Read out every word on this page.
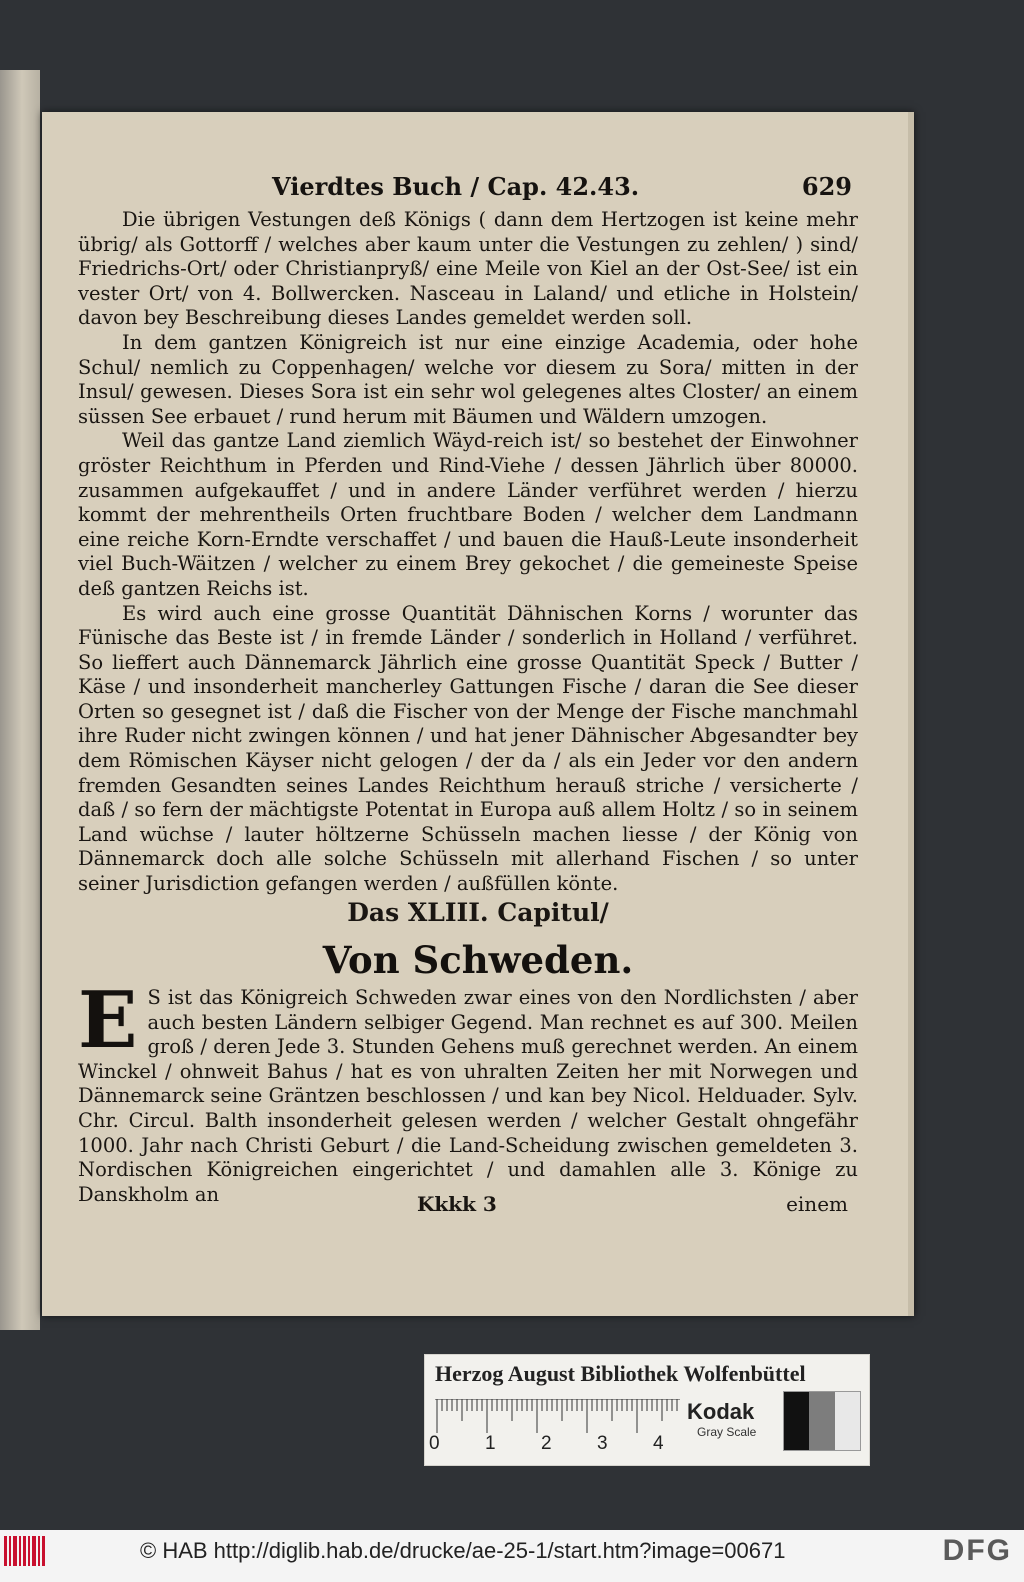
Vierdtes Buch / Cap. 42.43.	629

Die übrigen Vestungen deß Königs ( dann dem Hertzogen ist keine mehr übrig/ als Gottorff / welches aber kaum unter die Vestungen zu zehlen/ ) sind/ Friedrichs-Ort/ oder Christianpryß/ eine Meile von Kiel an der Ost-See/ ist ein vester Ort/ von 4. Bollwercken. Nasceau in Laland/ und etliche in Holstein/ davon bey Beschreibung dieses Landes gemeldet werden soll.

In dem gantzen Königreich ist nur eine einzige Academia, oder hohe Schul/ nemlich zu Coppenhagen/ welche vor diesem zu Sora/ mitten in der Insul/ gewesen. Dieses Sora ist ein sehr wol gelegenes altes Closter/ an einem süssen See erbauet / rund herum mit Bäumen und Wäldern umzogen.

Weil das gantze Land ziemlich Wäyd-reich ist/ so bestehet der Einwohner gröster Reichthum in Pferden und Rind-Viehe / dessen Jährlich über 80000. zusammen aufgekauffet / und in andere Länder verführet werden / hierzu kommt der mehrentheils Orten fruchtbare Boden / welcher dem Landmann eine reiche Korn-Erndte verschaffet / und bauen die Hauß-Leute insonderheit viel Buch-Wäitzen / welcher zu einem Brey gekochet / die gemeineste Speise deß gantzen Reichs ist.

Es wird auch eine grosse Quantität Dähnischen Korns / worunter das Fünische das Beste ist / in fremde Länder / sonderlich in Holland / verführet. So lieffert auch Dännemarck Jährlich eine grosse Quantität Speck / Butter / Käse / und insonderheit mancherley Gattungen Fische / daran die See dieser Orten so gesegnet ist / daß die Fischer von der Menge der Fische manchmahl ihre Ruder nicht zwingen können / und hat jener Dähnischer Abgesandter bey dem Römischen Käyser nicht gelogen / der da / als ein Jeder vor den andern fremden Gesandten seines Landes Reichthum herauß striche / versicherte / daß / so fern der mächtigste Potentat in Europa auß allem Holtz / so in seinem Land wüchse / lauter höltzerne Schüsseln machen liesse / der König von Dännemarck doch alle solche Schüsseln mit allerhand Fischen / so unter seiner Jurisdiction gefangen werden / außfüllen könte.

Das XLIII. Capitul/
Von Schweden.
E S ist das Königreich Schweden zwar eines von den Nordlichsten / aber auch besten Ländern selbiger Gegend. Man rechnet es auf 300. Meilen groß / deren Jede 3. Stunden Gehens muß gerechnet werden. An einem Winckel / ohnweit Bahus / hat es von uhralten Zeiten her mit Norwegen und Dännemarck seine Gräntzen beschlossen / und kan bey Nicol. Helduader. Sylv. Chr. Circul. Balth insonderheit gelesen werden / welcher Gestalt ohngefähr 1000. Jahr nach Christi Geburt / die Land-Scheidung zwischen gemeldeten 3. Nordischen Königreichen eingerichtet / und damahlen alle 3. Könige zu Danskholm an	Kkkk 3	einem
Herzog August Bibliothek Wolfenbüttel
0 1 2 3 4
Kodak
Gray Scale
© HAB http://diglib.hab.de/drucke/ae-25-1/start.htm?image=00671	DFG
